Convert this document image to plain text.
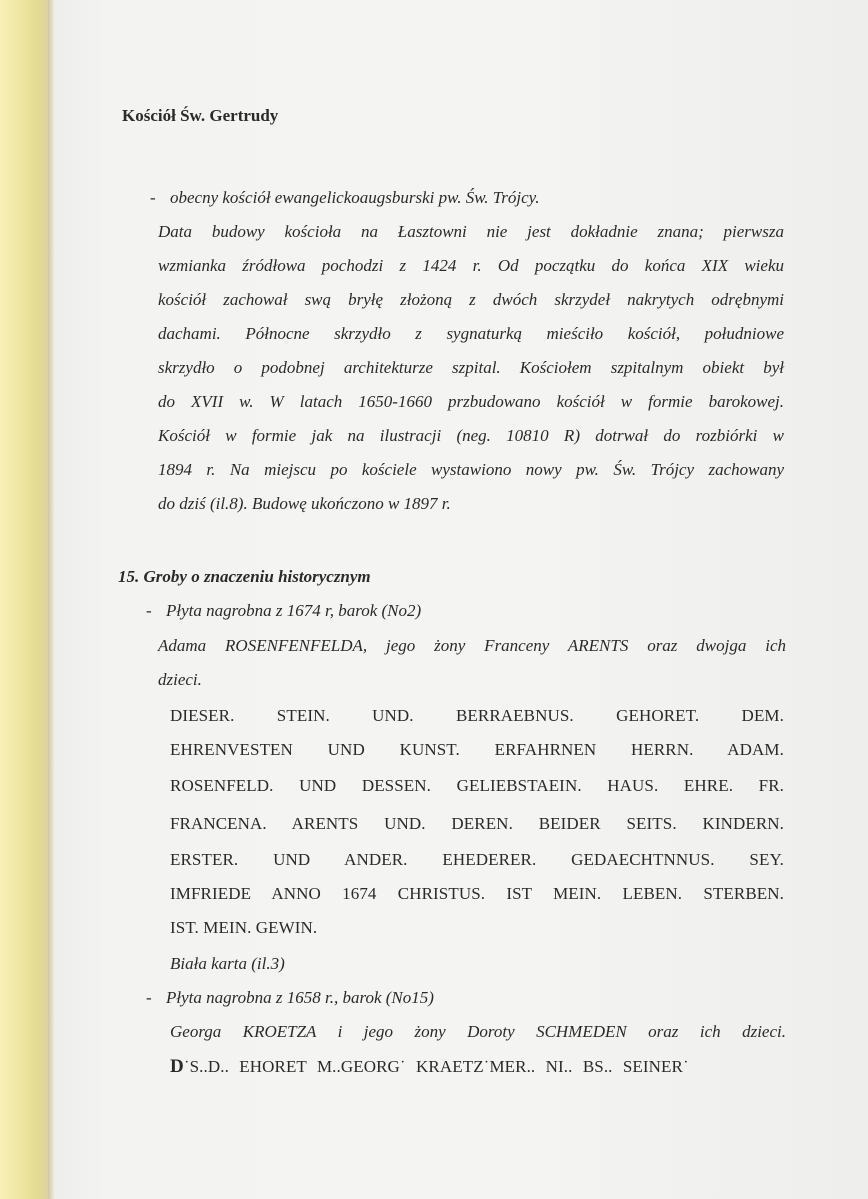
Kościół Św. Gertrudy
- obecny kościół ewangelickoaugsburski pw. Św. Trójcy.
Data budowy kościoła na Łasztowni nie jest dokładnie znana; pierwsza
wzmianka źródłowa pochodzi z 1424 r. Od początku do końca XIX wieku
kościół zachował swą bryłę złożoną z dwóch skrzydeł nakrytych odrębnymi
dachami. Północne skrzydło z sygnaturką mieściło kościół, południowe
skrzydło o podobnej architekturze szpital. Kościołem szpitalnym obiekt był
do XVII w. W latach 1650-1660 przbudowano kościół w formie barokowej.
Kościół w formie jak na ilustracji (neg. 10810 R) dotrwał do rozbiórki w
1894 r. Na miejscu po kościele wystawiono nowy pw. Św. Trójcy zachowany
do dziś (il.8). Budowę ukończono w 1897 r.
15. Groby o znaczeniu historycznym
- Płyta nagrobna z 1674 r, barok (No2)
Adama ROSENFENFELDA, jego żony Franceny ARENTS oraz dwojga ich
dzieci.
DIESER. STEIN. UND. BERRAEBNUS. GEHORET. DEM.
EHRENVESTEN UND KUNST. ERFAHRNEN HERRN. ADAM.
ROSENFELD. UND DESSEN. GELIEBSTAEIN. HAUS. EHRE. FR.
FRANCENA. ARENTS UND. DEREN. BEIDER SEITS. KINDERN.
ERSTER. UND ANDER. EHEDERER. GEDAECHTNNUS. SEY.
IMFRIEDE ANNO 1674 CHRISTUS. IST MEIN. LEBEN. STERBEN.
IST. MEIN. GEWIN.
Biała karta (il.3)
- Płyta nagrobna z 1658 r., barok (No15)
Georga KROETZA i jego żony Doroty SCHMEDEN oraz ich dzieci.
D˙S..D.. EHORET M..GEORG˙ KRAETZ˙MER.. NI.. BS.. SEINER˙
